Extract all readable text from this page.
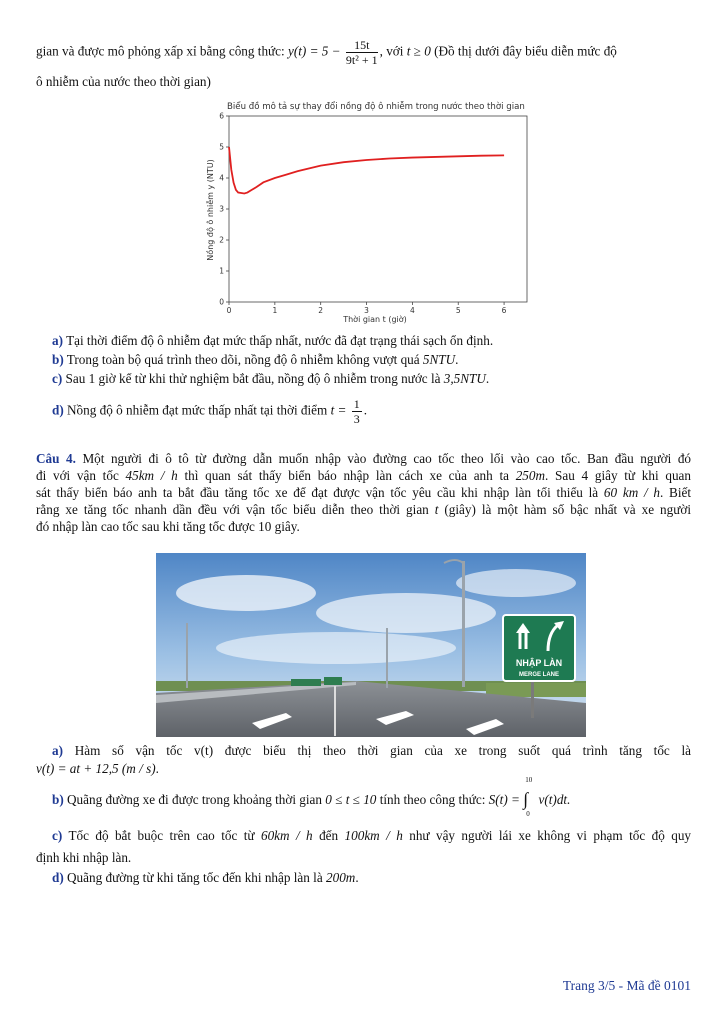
gian và được mô phỏng xấp xỉ bằng công thức: $y(t) = 5 - \frac{15t}{\text{9t² + 1}}$ , với t ≥ 0 (Đồ thị dưới đây biểu diễn mức độ
ô nhiễm của nước theo thời gian)
Biểu đồ mô tả sự thay đổi nồng độ ô nhiễm trong nước theo thời gian
0	1	2	3	4	5	6
0
1
2
3
4
5
6
Thời gian t (giờ)
Nồng độ ô nhiễm y (NTU)
a) Tại thời điểm độ ô nhiễm đạt mức thấp nhất, nước đã đạt trạng thái sạch ổn định.
b) Trong toàn bộ quá trình theo dõi, nồng độ ô nhiễm không vượt quá 5NTU.
c) Sau 1 giờ kể từ khi thử nghiệm bắt đầu, nồng độ ô nhiễm trong nước là 3,5NTU.
d) Nồng độ ô nhiễm đạt mức thấp nhất tại thời điểm $t = \frac{1}{3}$ .
Câu 4. Một người đi ô tô từ đường dẫn muốn nhập vào đường cao tốc theo lối vào cao tốc. Ban đầu người đó
đi với vận tốc 45km / h thì quan sát thấy biển báo nhập làn cách xe của anh ta 250m. Sau 4 giây từ khi quan
sát thấy biển báo anh ta bắt đầu tăng tốc xe để đạt được vận tốc yêu cầu khi nhập làn tối thiểu là 60 km / h. Biết
rằng xe tăng tốc nhanh dần đều với vận tốc biểu diễn theo thời gian t (giây) là một hàm số bậc nhất và xe người
đó nhập làn cao tốc sau khi tăng tốc được 10 giây.
NHẬP LÀN
MERGE LANE
a) Hàm số vận tốc v(t) được biểu thị theo thời gian của xe trong suốt quá trình tăng tốc là
v(t) = at + 12,5 (m / s).
b) Quãng đường xe đi được trong khoảng thời gian 0 ≤ t ≤ 10 tính theo công thức: S(t) =
10
∫
0
v(t)dt.
c) Tốc độ bắt buộc trên cao tốc từ 60km / h đến 100km / h như vậy người lái xe không vi phạm tốc độ quy
định khi nhập làn.
d) Quãng đường từ khi tăng tốc đến khi nhập làn là 200m.
Trang 3/5 - Mã đề 0101
